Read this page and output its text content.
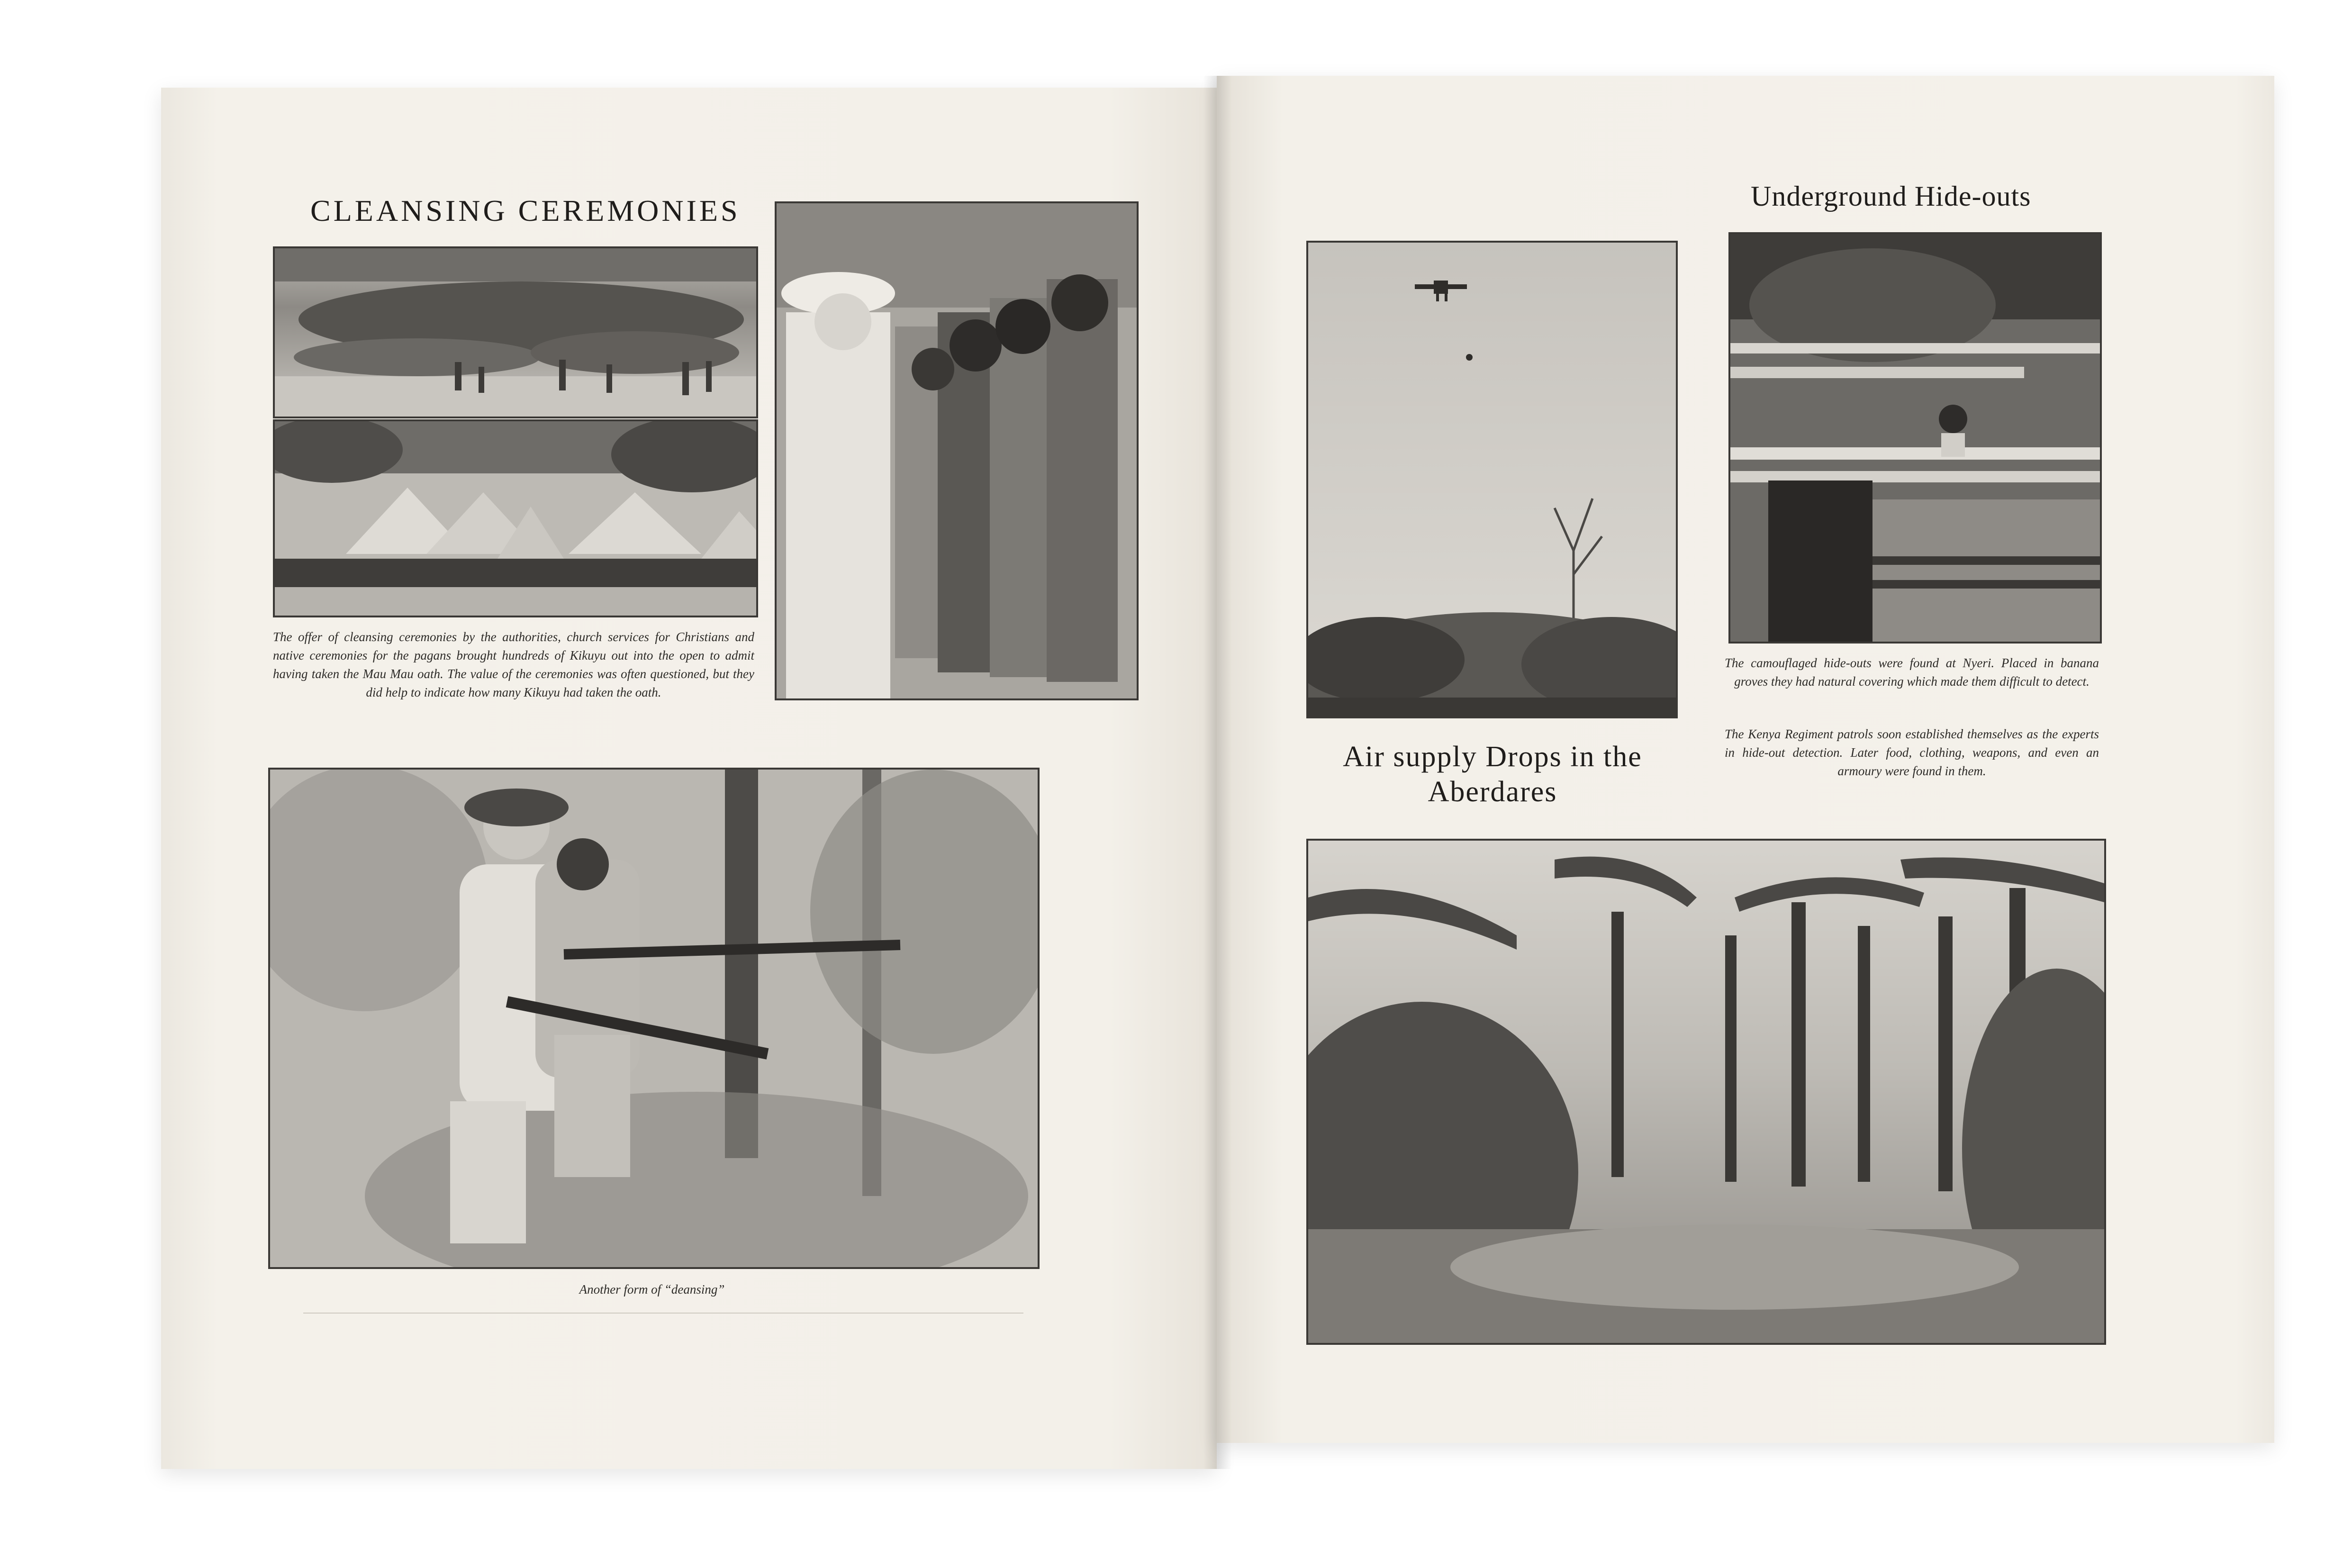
CLEANSING CEREMONIES

The offer of cleansing ceremonies by the authorities, church services for Christians and native ceremonies for the pagans brought hundreds of Kikuyu out into the open to admit having taken the Mau Mau oath. The value of the ceremonies was often questioned, but they did help to indicate how many Kikuyu had taken the oath.

Another form of “deansing”

Underground Hide-outs

The camouflaged hide-outs were found at Nyeri. Placed in banana groves they had natural covering which made them difficult to detect.

The Kenya Regiment patrols soon established themselves as the experts in hide-out detection. Later food, clothing, weapons, and even an armoury were found in them.

Air supply Drops in the Aberdares
